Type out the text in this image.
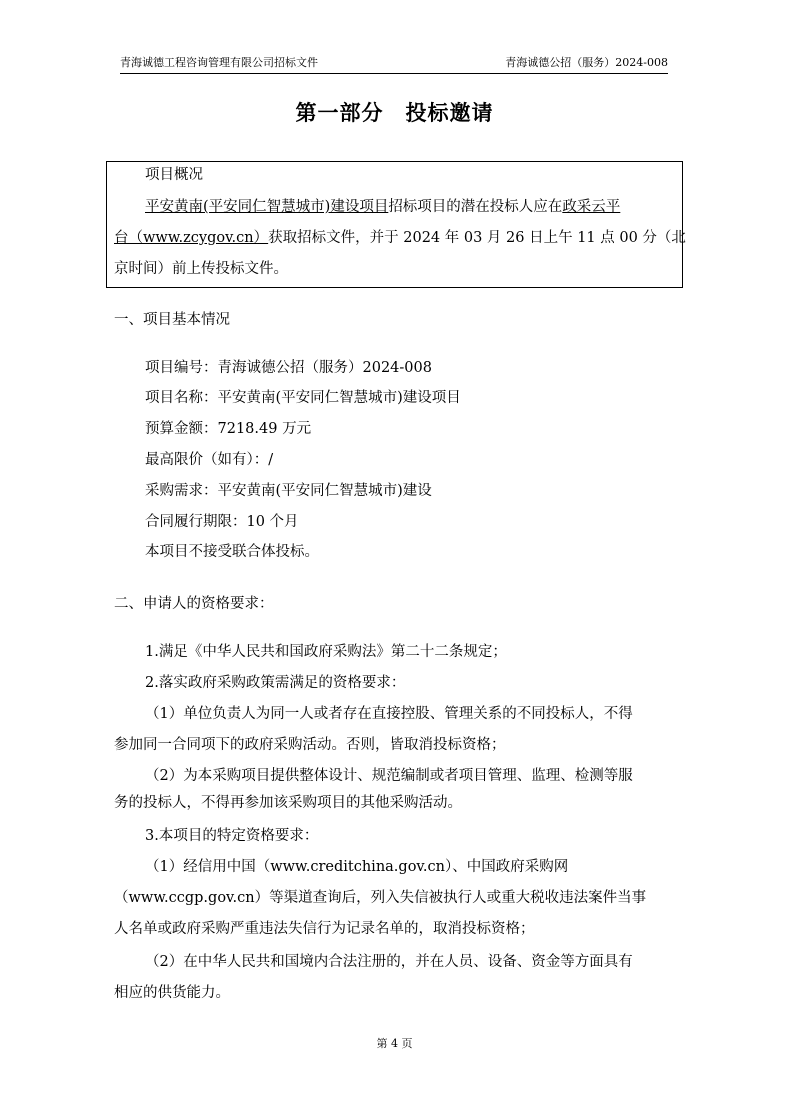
青海诚德工程咨询管理有限公司招标文件	青海诚德公招（服务）2024-008
第一部分　投标邀请
项目概况
平安黄南(平安同仁智慧城市)建设项目招标项目的潜在投标人应在政采云平
台（www.zcygov.cn）获取招标文件，并于 2024 年 03 月 26 日上午 11 点 00 分（北
京时间）前上传投标文件。
一、项目基本情况
项目编号：青海诚德公招（服务）2024-008
项目名称：平安黄南(平安同仁智慧城市)建设项目
预算金额：7218.49 万元
最高限价（如有）：/
采购需求：平安黄南(平安同仁智慧城市)建设
合同履行期限：10 个月
本项目不接受联合体投标。
二、申请人的资格要求：
1.满足《中华人民共和国政府采购法》第二十二条规定；
2.落实政府采购政策需满足的资格要求：
（1）单位负责人为同一人或者存在直接控股、管理关系的不同投标人，不得
参加同一合同项下的政府采购活动。否则，皆取消投标资格；
（2）为本采购项目提供整体设计、规范编制或者项目管理、监理、检测等服
务的投标人，不得再参加该采购项目的其他采购活动。
3.本项目的特定资格要求：
（1）经信用中国（www.creditchina.gov.cn）、中国政府采购网
（www.ccgp.gov.cn）等渠道查询后，列入失信被执行人或重大税收违法案件当事
人名单或政府采购严重违法失信行为记录名单的，取消投标资格；
（2）在中华人民共和国境内合法注册的，并在人员、设备、资金等方面具有
相应的供货能力。
第 4 页
